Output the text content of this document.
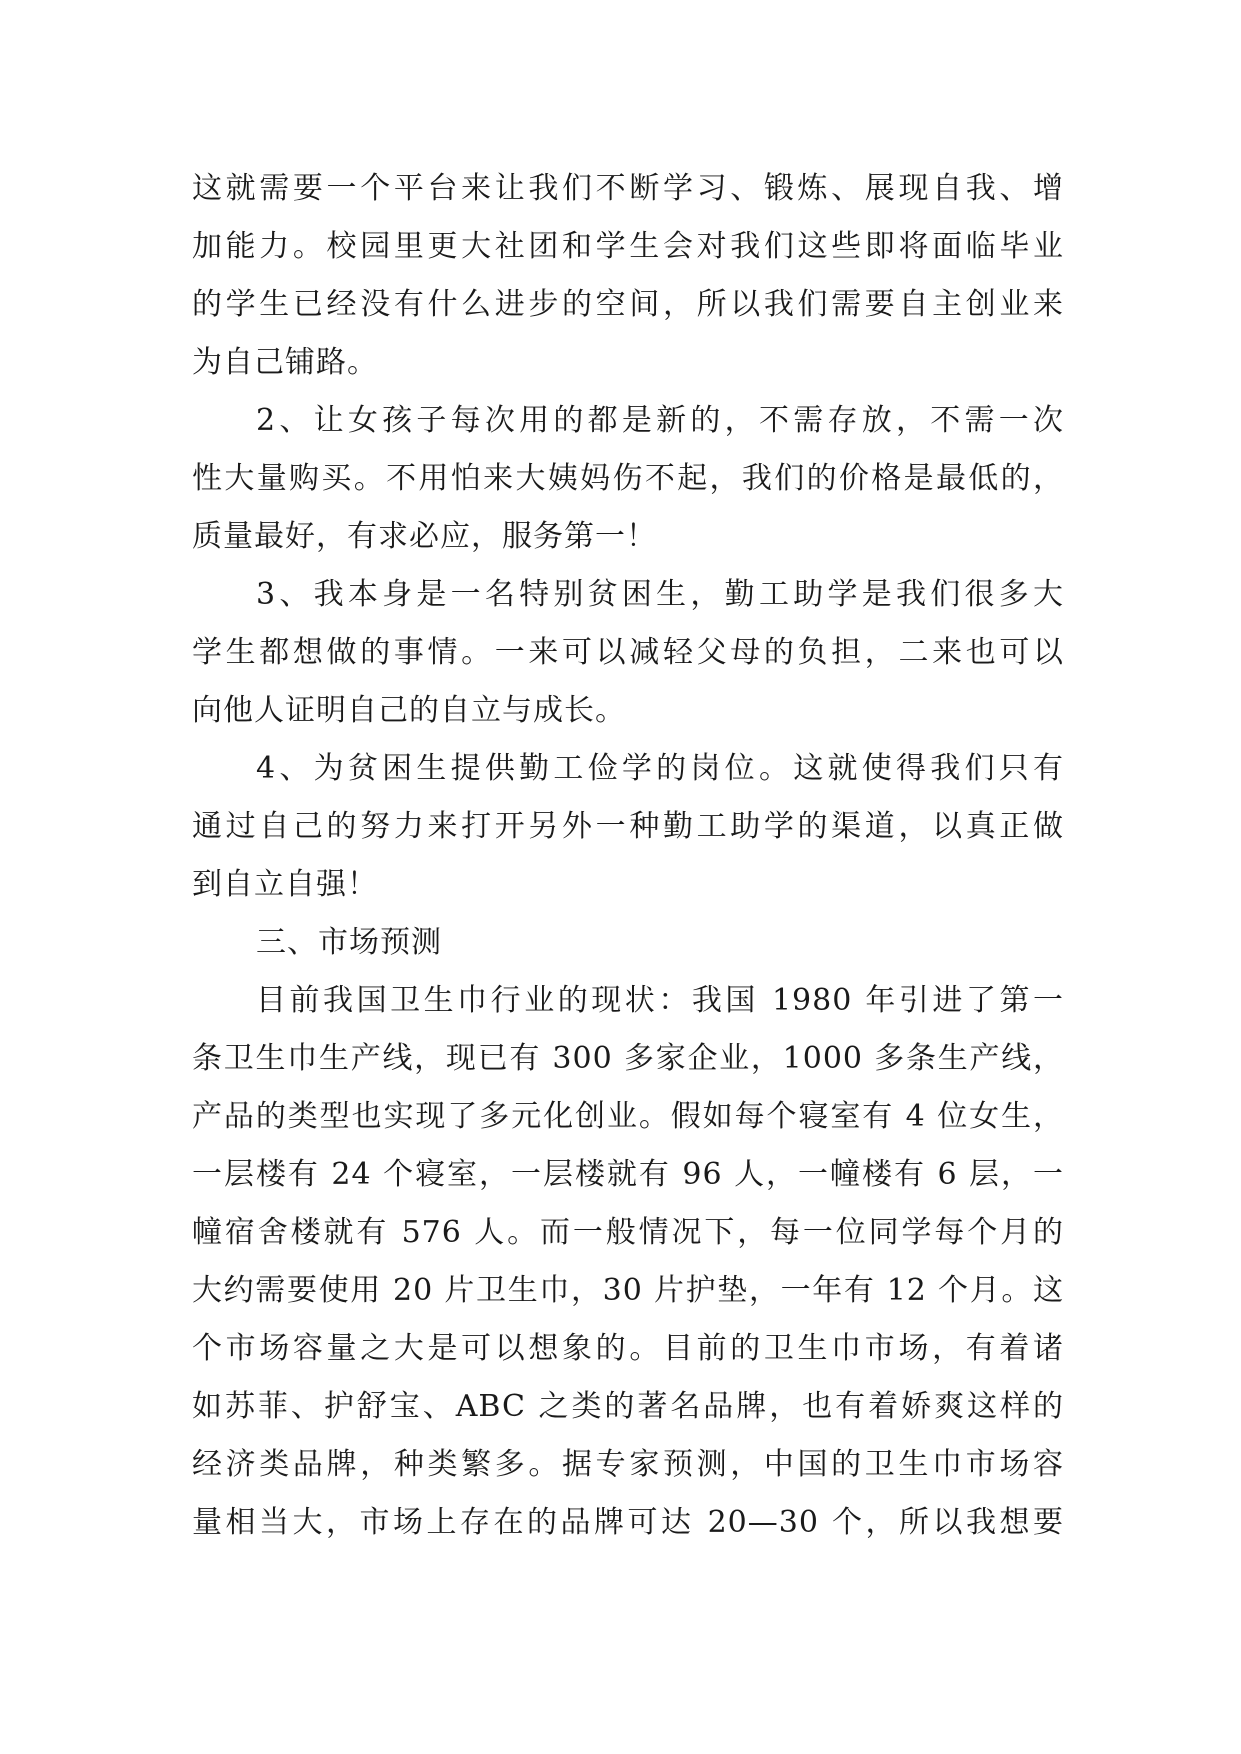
这就需要一个平台来让我们不断学习、锻炼、展现自我、增
加能力。校园里更大社团和学生会对我们这些即将面临毕业
的学生已经没有什么进步的空间，所以我们需要自主创业来
为自己铺路。
2、让女孩子每次用的都是新的，不需存放，不需一次
性大量购买。不用怕来大姨妈伤不起，我们的价格是最低的，
质量最好，有求必应，服务第一！
3、我本身是一名特别贫困生，勤工助学是我们很多大
学生都想做的事情。一来可以减轻父母的负担，二来也可以
向他人证明自己的自立与成长。
4、为贫困生提供勤工俭学的岗位。这就使得我们只有
通过自己的努力来打开另外一种勤工助学的渠道，以真正做
到自立自强！
三、市场预测
目前我国卫生巾行业的现状：我国 1980 年引进了第一
条卫生巾生产线，现已有 300 多家企业，1000 多条生产线，
产品的类型也实现了多元化创业。假如每个寝室有 4 位女生，
一层楼有 24 个寝室，一层楼就有 96 人，一幢楼有 6 层，一
幢宿舍楼就有 576 人。而一般情况下，每一位同学每个月的
大约需要使用 20 片卫生巾，30 片护垫，一年有 12 个月。这
个市场容量之大是可以想象的。目前的卫生巾市场，有着诸
如苏菲、护舒宝、ABC 之类的著名品牌，也有着娇爽这样的
经济类品牌，种类繁多。据专家预测，中国的卫生巾市场容
量相当大，市场上存在的品牌可达 20—30 个，所以我想要
